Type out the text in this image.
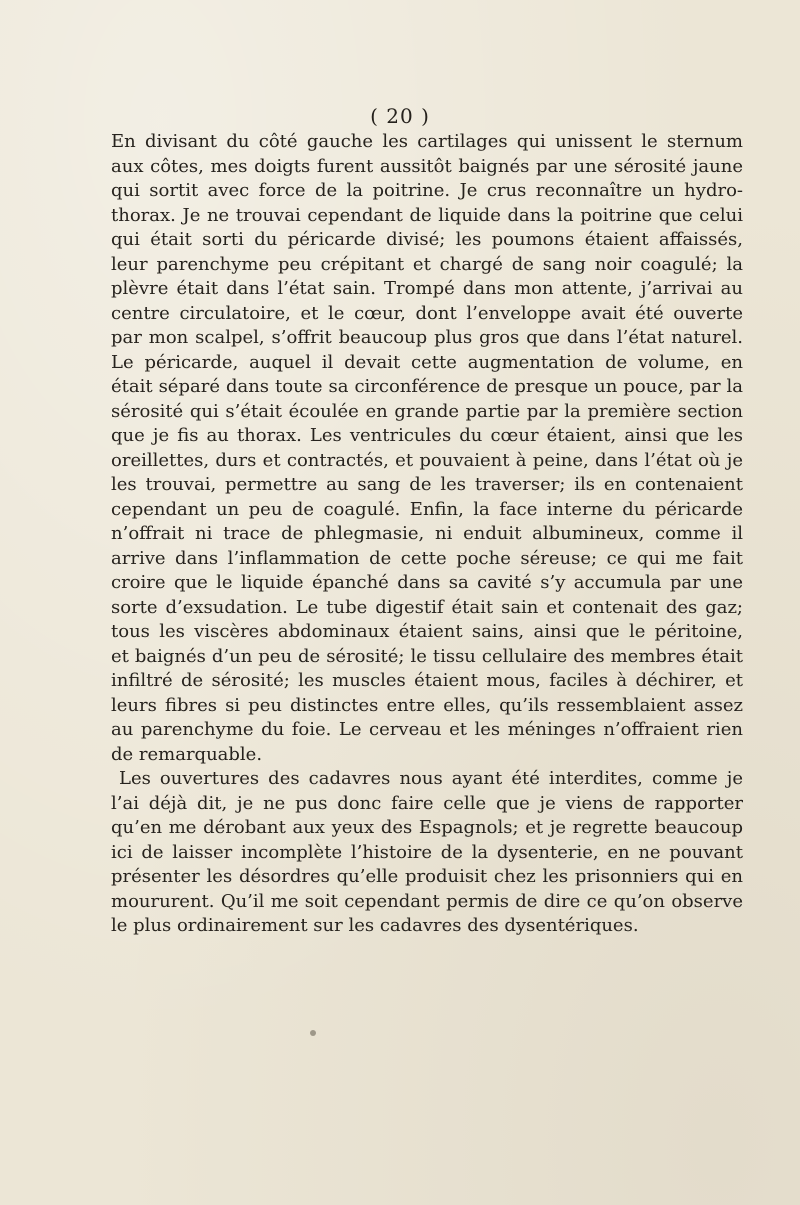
( 20 )
En divisant du côté gauche les cartilages qui unissent le sternum
aux côtes, mes doigts furent aussitôt baignés par une sérosité jaune
qui sortit avec force de la poitrine. Je crus reconnaître un hydro-
thorax. Je ne trouvai cependant de liquide dans la poitrine que celui
qui était sorti du péricarde divisé; les poumons étaient affaissés,
leur parenchyme peu crépitant et chargé de sang noir coagulé; la
plèvre était dans l’état sain. Trompé dans mon attente, j’arrivai au
centre circulatoire, et le cœur, dont l’enveloppe avait été ouverte
par mon scalpel, s’offrit beaucoup plus gros que dans l’état naturel.
Le péricarde, auquel il devait cette augmentation de volume, en
était séparé dans toute sa circonférence de presque un pouce, par la
sérosité qui s’était écoulée en grande partie par la première section
que je fis au thorax. Les ventricules du cœur étaient, ainsi que les
oreillettes, durs et contractés, et pouvaient à peine, dans l’état où je
les trouvai, permettre au sang de les traverser; ils en contenaient
cependant un peu de coagulé. Enfin, la face interne du péricarde
n’offrait ni trace de phlegmasie, ni enduit albumineux, comme il
arrive dans l’inflammation de cette poche séreuse; ce qui me fait
croire que le liquide épanché dans sa cavité s’y accumula par une
sorte d’exsudation. Le tube digestif était sain et contenait des gaz;
tous les viscères abdominaux étaient sains, ainsi que le péritoine,
et baignés d’un peu de sérosité; le tissu cellulaire des membres était
infiltré de sérosité; les muscles étaient mous, faciles à déchirer, et
leurs fibres si peu distinctes entre elles, qu’ils ressemblaient assez
au parenchyme du foie. Le cerveau et les méninges n’offraient rien
de remarquable.
Les ouvertures des cadavres nous ayant été interdites, comme je
l’ai déjà dit, je ne pus donc faire celle que je viens de rapporter
qu’en me dérobant aux yeux des Espagnols; et je regrette beaucoup
ici de laisser incomplète l’histoire de la dysenterie, en ne pouvant
présenter les désordres qu’elle produisit chez les prisonniers qui en
moururent. Qu’il me soit cependant permis de dire ce qu’on observe
le plus ordinairement sur les cadavres des dysentériques.
